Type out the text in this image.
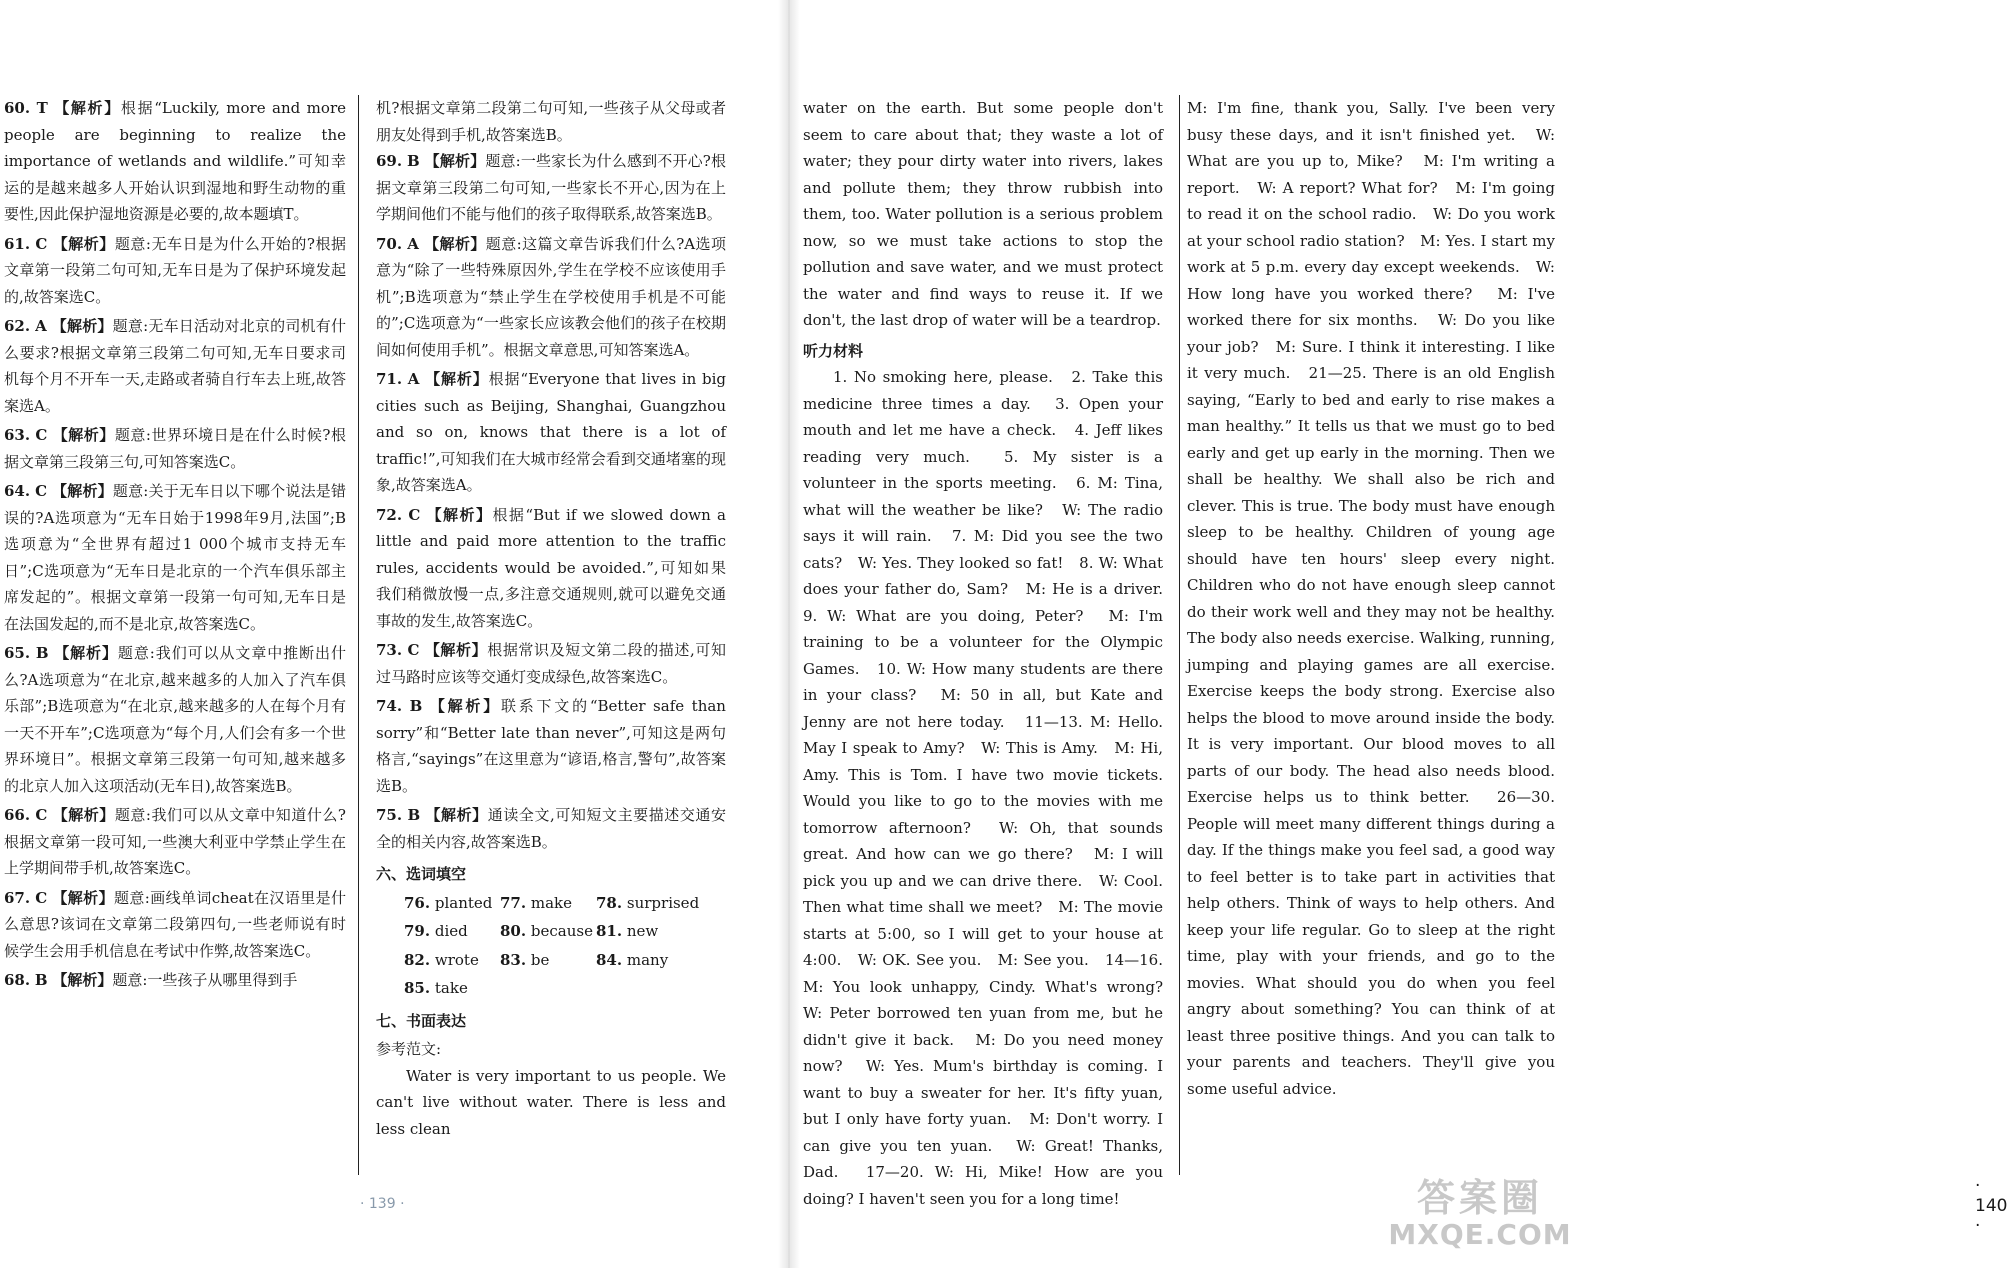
60. T 【解析】根据“Luckily, more and more people are beginning to realize the importance of wetlands and wildlife.”可知幸运的是越来越多人开始认识到湿地和野生动物的重要性,因此保护湿地资源是必要的,故本题填T。

61. C 【解析】题意:无车日是为什么开始的?根据文章第一段第二句可知,无车日是为了保护环境发起的,故答案选C。

62. A 【解析】题意:无车日活动对北京的司机有什么要求?根据文章第三段第二句可知,无车日要求司机每个月不开车一天,走路或者骑自行车去上班,故答案选A。

63. C 【解析】题意:世界环境日是在什么时候?根据文章第三段第三句,可知答案选C。

64. C 【解析】题意:关于无车日以下哪个说法是错误的?A选项意为“无车日始于1998年9月,法国”;B选项意为“全世界有超过1 000个城市支持无车日”;C选项意为“无车日是北京的一个汽车俱乐部主席发起的”。根据文章第一段第一句可知,无车日是在法国发起的,而不是北京,故答案选C。

65. B 【解析】题意:我们可以从文章中推断出什么?A选项意为“在北京,越来越多的人加入了汽车俱乐部”;B选项意为“在北京,越来越多的人在每个月有一天不开车”;C选项意为“每个月,人们会有多一个世界环境日”。根据文章第三段第一句可知,越来越多的北京人加入这项活动(无车日),故答案选B。

66. C 【解析】题意:我们可以从文章中知道什么?根据文章第一段可知,一些澳大利亚中学禁止学生在上学期间带手机,故答案选C。

67. C 【解析】题意:画线单词cheat在汉语里是什么意思?该词在文章第二段第四句,一些老师说有时候学生会用手机信息在考试中作弊,故答案选C。

68. B 【解析】题意:一些孩子从哪里得到手

机?根据文章第二段第二句可知,一些孩子从父母或者朋友处得到手机,故答案选B。

69. B 【解析】题意:一些家长为什么感到不开心?根据文章第三段第二句可知,一些家长不开心,因为在上学期间他们不能与他们的孩子取得联系,故答案选B。

70. A 【解析】题意:这篇文章告诉我们什么?A选项意为“除了一些特殊原因外,学生在学校不应该使用手机”;B选项意为“禁止学生在学校使用手机是不可能的”;C选项意为“一些家长应该教会他们的孩子在校期间如何使用手机”。根据文章意思,可知答案选A。

71. A 【解析】根据“Everyone that lives in big cities such as Beijing, Shanghai, Guangzhou and so on, knows that there is a lot of traffic!”,可知我们在大城市经常会看到交通堵塞的现象,故答案选A。

72. C 【解析】根据“But if we slowed down a little and paid more attention to the traffic rules, accidents would be avoided.”,可知如果我们稍微放慢一点,多注意交通规则,就可以避免交通事故的发生,故答案选C。

73. C 【解析】根据常识及短文第二段的描述,可知过马路时应该等交通灯变成绿色,故答案选C。

74. B 【解析】联系下文的“Better safe than sorry”和“Better late than never”,可知这是两句格言,“sayings”在这里意为“谚语,格言,警句”,故答案选B。

75. B 【解析】通读全文,可知短文主要描述交通安全的相关内容,故答案选B。

六、选词填空
76. planted 77. make	78. surprised
79. died	80. because 81. new
82. wrote	83. be	84. many
85. take
七、书面表达

参考范文:

Water is very important to us people. We can't live without water. There is less and less clean

· 139 ·

water on the earth. But some people don't seem to care about that; they waste a lot of water; they pour dirty water into rivers, lakes and pollute them; they throw rubbish into them, too. Water pollution is a serious problem now, so we must take actions to stop the pollution and save water, and we must protect the water and find ways to reuse it. If we don't, the last drop of water will be a teardrop.

听力材料

1. No smoking here, please.　2. Take this medicine three times a day.　3. Open your mouth and let me have a check.　4. Jeff likes reading very much.　5. My sister is a volunteer in the sports meeting.　6. M: Tina, what will the weather be like?　W: The radio says it will rain.　7. M: Did you see the two cats?　W: Yes. They looked so fat!　8. W: What does your father do, Sam?　M: He is a driver.　9. W: What are you doing, Peter?　M: I'm training to be a volunteer for the Olympic Games.　10. W: How many students are there in your class?　M: 50 in all, but Kate and Jenny are not here today.　11—13. M: Hello. May I speak to Amy?　W: This is Amy.　M: Hi, Amy. This is Tom. I have two movie tickets. Would you like to go to the movies with me tomorrow afternoon?　W: Oh, that sounds great. And how can we go there?　M: I will pick you up and we can drive there.　W: Cool. Then what time shall we meet?　M: The movie starts at 5:00, so I will get to your house at 4:00.　W: OK. See you.　M: See you.　14—16. M: You look unhappy, Cindy. What's wrong?　W: Peter borrowed ten yuan from me, but he didn't give it back.　M: Do you need money now?　W: Yes. Mum's birthday is coming. I want to buy a sweater for her. It's fifty yuan, but I only have forty yuan.　M: Don't worry. I can give you ten yuan.　W: Great! Thanks, Dad.　17—20. W: Hi, Mike! How are you doing? I haven't seen you for a long time!

M: I'm fine, thank you, Sally. I've been very busy these days, and it isn't finished yet.　W: What are you up to, Mike?　M: I'm writing a report.　W: A report? What for?　M: I'm going to read it on the school radio.　W: Do you work at your school radio station?　M: Yes. I start my work at 5 p.m. every day except weekends.　W: How long have you worked there?　M: I've worked there for six months.　W: Do you like your job?　M: Sure. I think it interesting. I like it very much.　21—25. There is an old English saying, “Early to bed and early to rise makes a man healthy.” It tells us that we must go to bed early and get up early in the morning. Then we shall be healthy. We shall also be rich and clever. This is true. The body must have enough sleep to be healthy. Children of young age should have ten hours' sleep every night. Children who do not have enough sleep cannot do their work well and they may not be healthy. The body also needs exercise. Walking, running, jumping and playing games are all exercise. Exercise keeps the body strong. Exercise also helps the blood to move around inside the body. It is very important. Our blood moves to all parts of our body. The head also needs blood. Exercise helps us to think better.　26—30. People will meet many different things during a day. If the things make you feel sad, a good way to feel better is to take part in activities that help others. Think of ways to help others. And keep your life regular. Go to sleep at the right time, play with your friends, and go to the movies. What should you do when you feel angry about something? You can think of at least three positive things. And you can talk to your parents and teachers. They'll give you some useful advice.

· 140 ·
答案圈
MXQE.COM
